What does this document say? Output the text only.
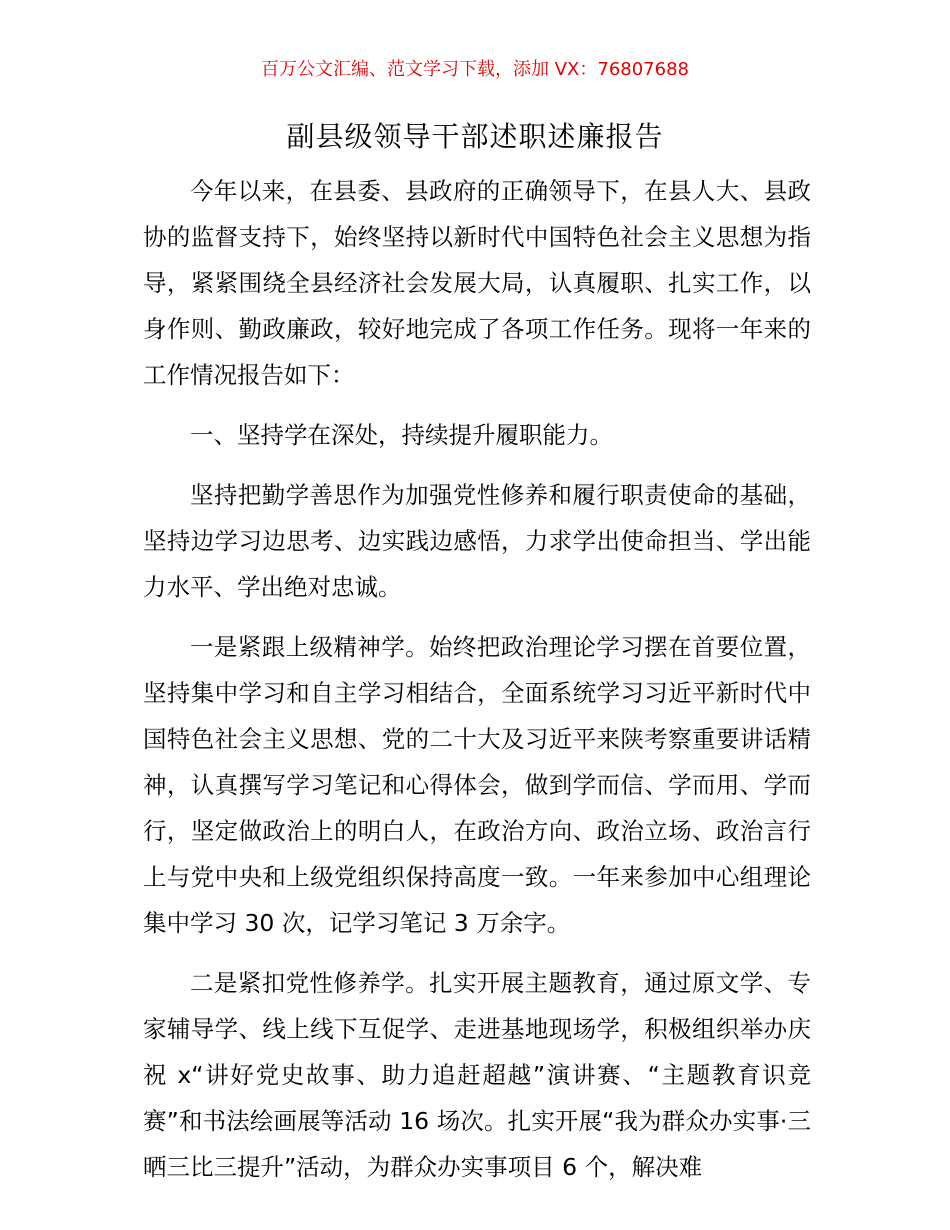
百万公文汇编、范文学习下载，添加 VX：76807688
副县级领导干部述职述廉报告

今年以来，在县委、县政府的正确领导下，在县人大、县政协的监督支持下，始终坚持以新时代中国特色社会主义思想为指导，紧紧围绕全县经济社会发展大局，认真履职、扎实工作，以身作则、勤政廉政，较好地完成了各项工作任务。现将一年来的工作情况报告如下：

一、坚持学在深处，持续提升履职能力。

坚持把勤学善思作为加强党性修养和履行职责使命的基础，坚持边学习边思考、边实践边感悟，力求学出使命担当、学出能力水平、学出绝对忠诚。

一是紧跟上级精神学。始终把政治理论学习摆在首要位置，坚持集中学习和自主学习相结合，全面系统学习习近平新时代中国特色社会主义思想、党的二十大及习近平来陕考察重要讲话精神，认真撰写学习笔记和心得体会，做到学而信、学而用、学而行，坚定做政治上的明白人，在政治方向、政治立场、政治言行上与党中央和上级党组织保持高度一致。一年来参加中心组理论集中学习 30 次，记学习笔记 3 万余字。

二是紧扣党性修养学。扎实开展主题教育，通过原文学、专家辅导学、线上线下互促学、走进基地现场学，积极组织举办庆祝 x“讲好党史故事、助力追赶超越”演讲赛、“主题教育识竞赛”和书法绘画展等活动 16 场次。扎实开展“我为群众办实事·三晒三比三提升”活动，为群众办实事项目 6 个，解决难
